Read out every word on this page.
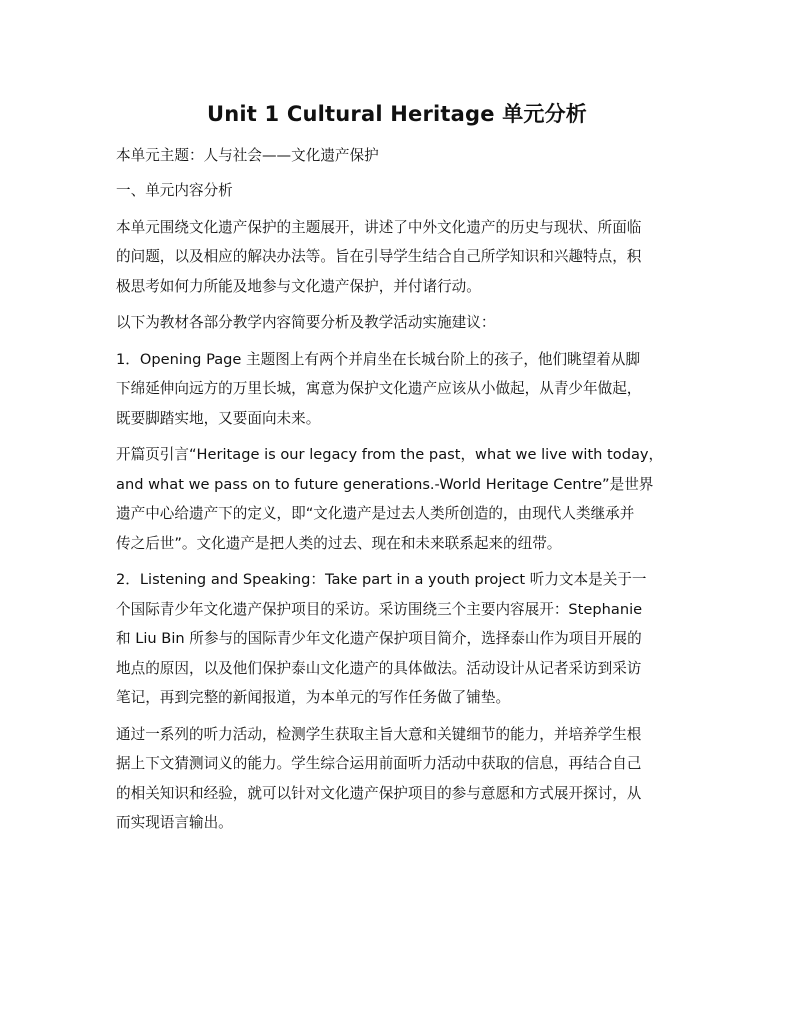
Unit 1 Cultural Heritage 单元分析
本单元主题：人与社会——文化遗产保护
一、单元内容分析
本单元围绕文化遗产保护的主题展开，讲述了中外文化遗产的历史与现状、所面临
的问题，以及相应的解决办法等。旨在引导学生结合自己所学知识和兴趣特点，积
极思考如何力所能及地参与文化遗产保护，并付诸行动。
以下为教材各部分教学内容简要分析及教学活动实施建议：
1．Opening Page 主题图上有两个并肩坐在长城台阶上的孩子，他们眺望着从脚
下绵延伸向远方的万里长城，寓意为保护文化遗产应该从小做起，从青少年做起，
既要脚踏实地，又要面向未来。
开篇页引言“Heritage is our legacy from the past，what we live with today，
and what we pass on to future generations.-World Heritage Centre”是世界
遗产中心给遗产下的定义，即“文化遗产是过去人类所创造的，由现代人类继承并
传之后世”。文化遗产是把人类的过去、现在和未来联系起来的纽带。
2．Listening and Speaking：Take part in a youth project 听力文本是关于一
个国际青少年文化遗产保护项目的采访。采访围绕三个主要内容展开：Stephanie
和 Liu Bin 所参与的国际青少年文化遗产保护项目简介，选择泰山作为项目开展的
地点的原因，以及他们保护泰山文化遗产的具体做法。活动设计从记者采访到采访
笔记，再到完整的新闻报道，为本单元的写作任务做了铺垫。
通过一系列的听力活动，检测学生获取主旨大意和关键细节的能力，并培养学生根
据上下文猜测词义的能力。学生综合运用前面听力活动中获取的信息，再结合自己
的相关知识和经验，就可以针对文化遗产保护项目的参与意愿和方式展开探讨，从
而实现语言输出。
